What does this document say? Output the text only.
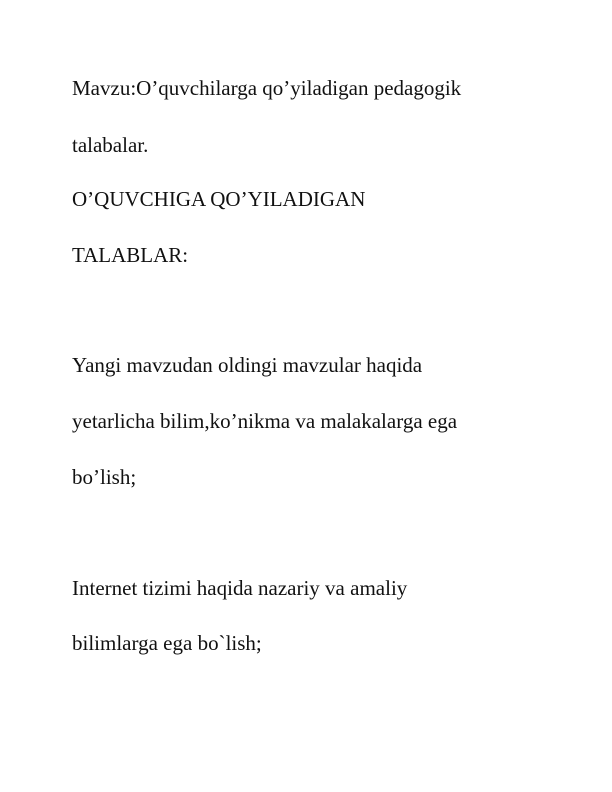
Mavzu:O’quvchilarga qo’yiladigan pedagogik

talabalar.

O’QUVCHIGA QO’YILADIGAN

TALABLAR:

Yangi mavzudan oldingi mavzular haqida

yetarlicha bilim,ko’nikma va malakalarga ega

bo’lish;

Internet tizimi haqida nazariy va amaliy

bilimlarga ega bo`lish;
